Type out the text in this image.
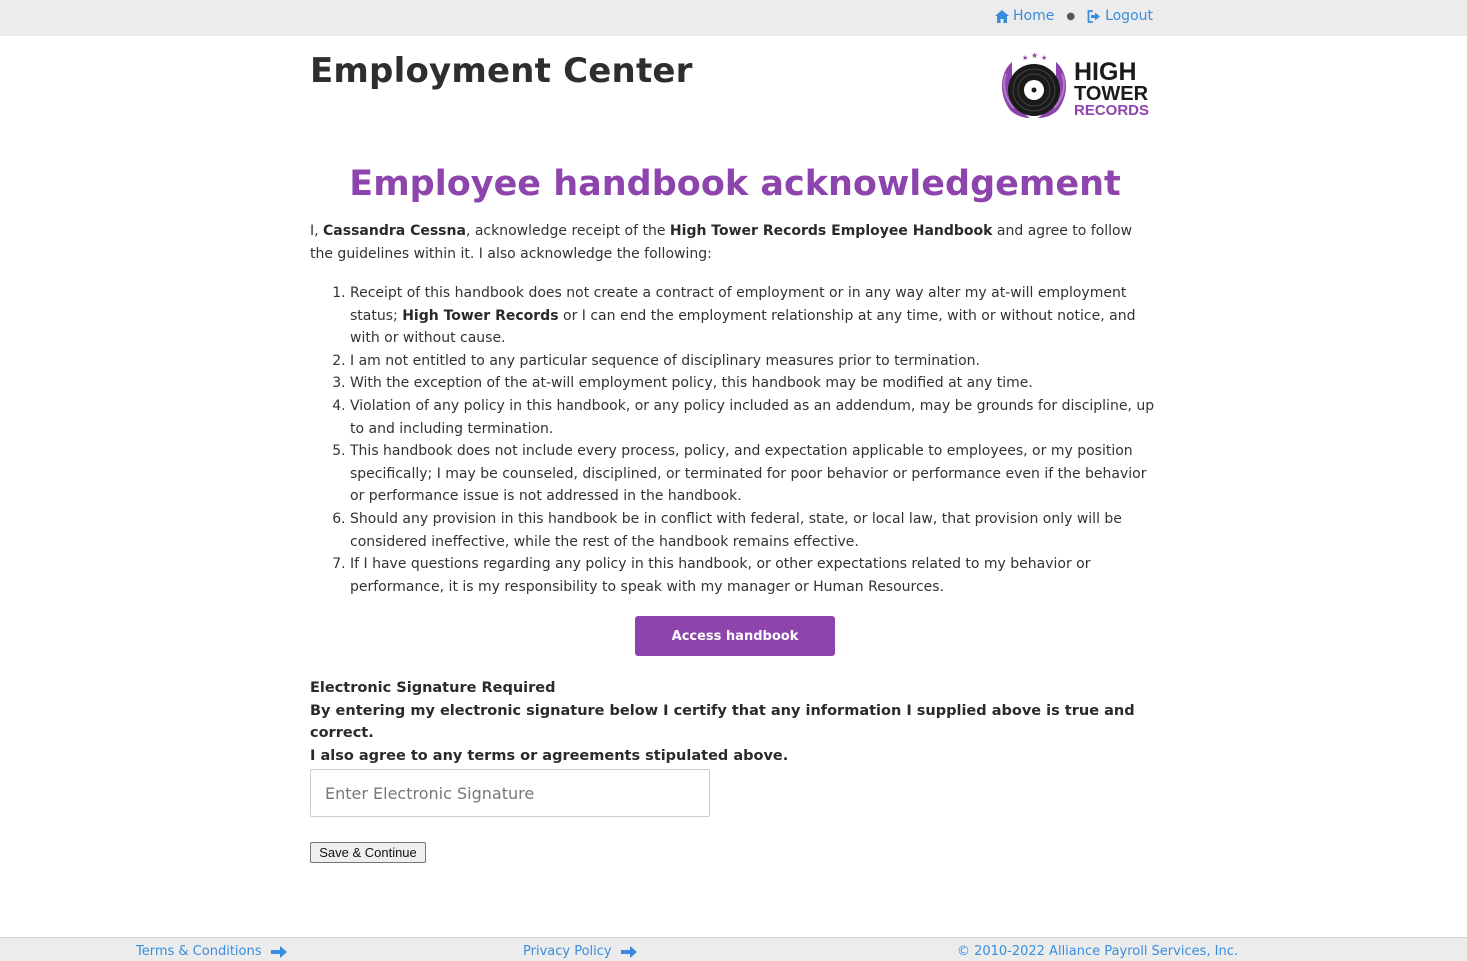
Home ● Logout
Employment Center	★ ★ ★ HIGH
TOWER
RECORDS
Employee handbook acknowledgement

I, Cassandra Cessna, acknowledge receipt of the High Tower Records Employee Handbook and agree to follow the guidelines within it. I also acknowledge the following:

1. Receipt of this handbook does not create a contract of employment or in any way alter my at-will employment status; High Tower Records or I can end the employment relationship at any time, with or without notice, and with or without cause.
2. I am not entitled to any particular sequence of disciplinary measures prior to termination.
3. With the exception of the at-will employment policy, this handbook may be modified at any time.
4. Violation of any policy in this handbook, or any policy included as an addendum, may be grounds for discipline, up to and including termination.
5. This handbook does not include every process, policy, and expectation applicable to employees, or my position specifically; I may be counseled, disciplined, or terminated for poor behavior or performance even if the behavior or performance issue is not addressed in the handbook.
6. Should any provision in this handbook be in conflict with federal, state, or local law, that provision only will be considered ineffective, while the rest of the handbook remains effective.
7. If I have questions regarding any policy in this handbook, or other expectations related to my behavior or performance, it is my responsibility to speak with my manager or Human Resources.
Access handbook
Electronic Signature Required
By entering my electronic signature below I certify that any information I supplied above is true and correct.
I also agree to any terms or agreements stipulated above.
Enter Electronic Signature
Save & Continue
Terms & Conditions	Privacy Policy	© 2010-2022 Alliance Payroll Services, Inc.
